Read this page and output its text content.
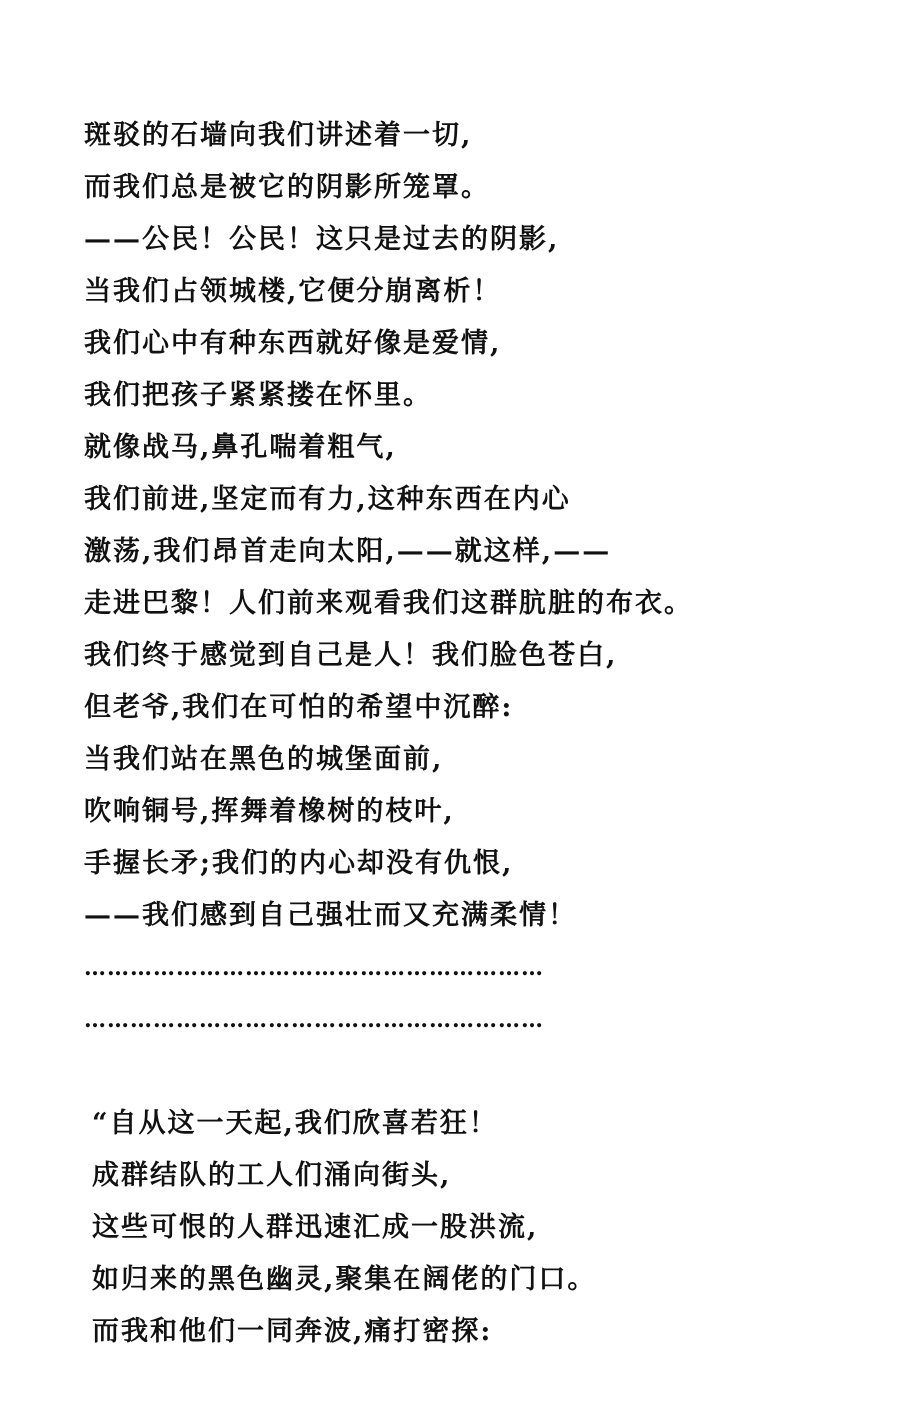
斑驳的石墙向我们讲述着一切,
而我们总是被它的阴影所笼罩。
——公民！公民！这只是过去的阴影,
当我们占领城楼,它便分崩离析！
我们心中有种东西就好像是爱情,
我们把孩子紧紧搂在怀里。
就像战马,鼻孔喘着粗气,
我们前进,坚定而有力,这种东西在内心
激荡,我们昂首走向太阳,——就这样,——
走进巴黎！人们前来观看我们这群肮脏的布衣。
我们终于感觉到自己是人！我们脸色苍白,
但老爷,我们在可怕的希望中沉醉:
当我们站在黑色的城堡面前,
吹响铜号,挥舞着橡树的枝叶,
手握长矛;我们的内心却没有仇恨,
——我们感到自己强壮而又充满柔情！
……………………………………………………
……………………………………………………
“自从这一天起,我们欣喜若狂！
成群结队的工人们涌向街头,
这些可恨的人群迅速汇成一股洪流,
如归来的黑色幽灵,聚集在阔佬的门口。
而我和他们一同奔波,痛打密探:
